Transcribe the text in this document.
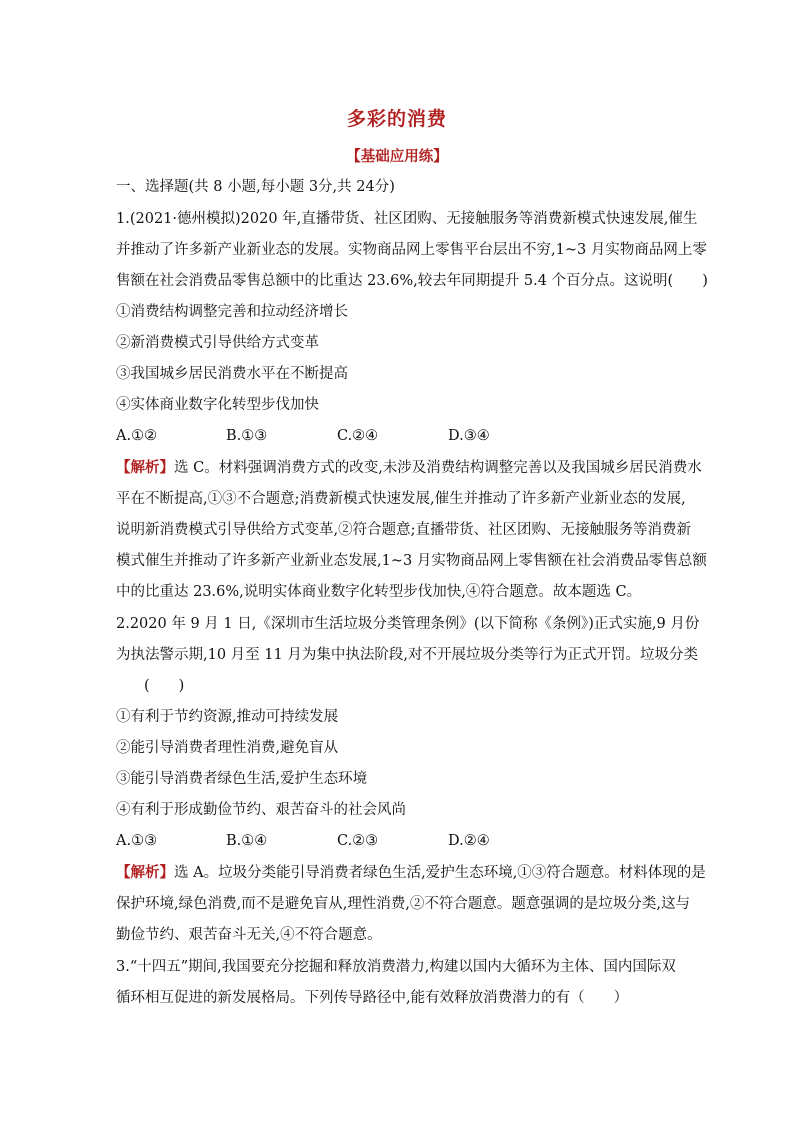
多彩的消费
【基础应用练】
一、选择题(共 8 小题,每小题 3分,共 24分)
1.(2021·德州模拟)2020 年,直播带货、社区团购、无接触服务等消费新模式快速发展,催生
并推动了许多新产业新业态的发展。实物商品网上零售平台层出不穷,1~3 月实物商品网上零
售额在社会消费品零售总额中的比重达 23.6%,较去年同期提升 5.4 个百分点。这说明(　　)
①消费结构调整完善和拉动经济增长
②新消费模式引导供给方式变革
③我国城乡居民消费水平在不断提高
④实体商业数字化转型步伐加快
A.①②	B.①③	C.②④	D.③④
【解析】选 C。材料强调消费方式的改变,未涉及消费结构调整完善以及我国城乡居民消费水
平在不断提高,①③不合题意;消费新模式快速发展,催生并推动了许多新产业新业态的发展,
说明新消费模式引导供给方式变革,②符合题意;直播带货、社区团购、无接触服务等消费新
模式催生并推动了许多新产业新业态发展,1~3 月实物商品网上零售额在社会消费品零售总额
中的比重达 23.6%,说明实体商业数字化转型步伐加快,④符合题意。故本题选 C。
2.2020 年 9 月 1 日,《深圳市生活垃圾分类管理条例》(以下简称《条例》)正式实施,9 月份
为执法警示期,10 月至 11 月为集中执法阶段,对不开展垃圾分类等行为正式开罚。垃圾分类
(　　)
①有利于节约资源,推动可持续发展
②能引导消费者理性消费,避免盲从
③能引导消费者绿色生活,爱护生态环境
④有利于形成勤俭节约、艰苦奋斗的社会风尚
A.①③	B.①④	C.②③	D.②④
【解析】选 A。垃圾分类能引导消费者绿色生活,爱护生态环境,①③符合题意。材料体现的是
保护环境,绿色消费,而不是避免盲从,理性消费,②不符合题意。题意强调的是垃圾分类,这与
勤俭节约、艰苦奋斗无关,④不符合题意。
3.“十四五”期间,我国要充分挖掘和释放消费潜力,构建以国内大循环为主体、国内国际双
循环相互促进的新发展格局。下列传导路径中,能有效释放消费潜力的有（　　）
